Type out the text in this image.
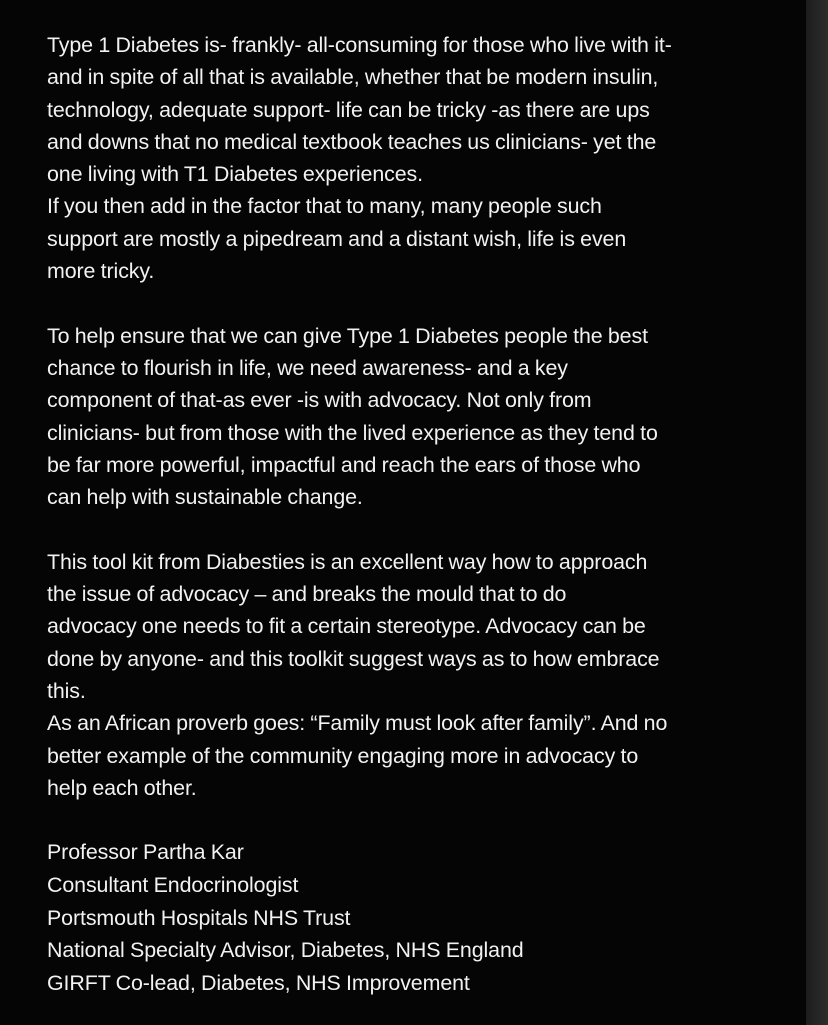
Type 1 Diabetes is- frankly- all-consuming for those who live with it-
and in spite of all that is available, whether that be modern insulin,
technology, adequate support- life can be tricky -as there are ups
and downs that no medical textbook teaches us clinicians- yet the
one living with T1 Diabetes experiences.
If you then add in the factor that to many, many people such
support are mostly a pipedream and a distant wish, life is even
more tricky.

To help ensure that we can give Type 1 Diabetes people the best
chance to flourish in life, we need awareness- and a key
component of that-as ever -is with advocacy. Not only from
clinicians- but from those with the lived experience as they tend to
be far more powerful, impactful and reach the ears of those who
can help with sustainable change.

This tool kit from Diabesties is an excellent way how to approach
the issue of advocacy – and breaks the mould that to do
advocacy one needs to fit a certain stereotype. Advocacy can be
done by anyone- and this toolkit suggest ways as to how embrace
this.
As an African proverb goes: “Family must look after family”. And no
better example of the community engaging more in advocacy to
help each other.

Professor Partha Kar
Consultant Endocrinologist
Portsmouth Hospitals NHS Trust
National Specialty Advisor, Diabetes, NHS England
GIRFT Co-lead, Diabetes, NHS Improvement
